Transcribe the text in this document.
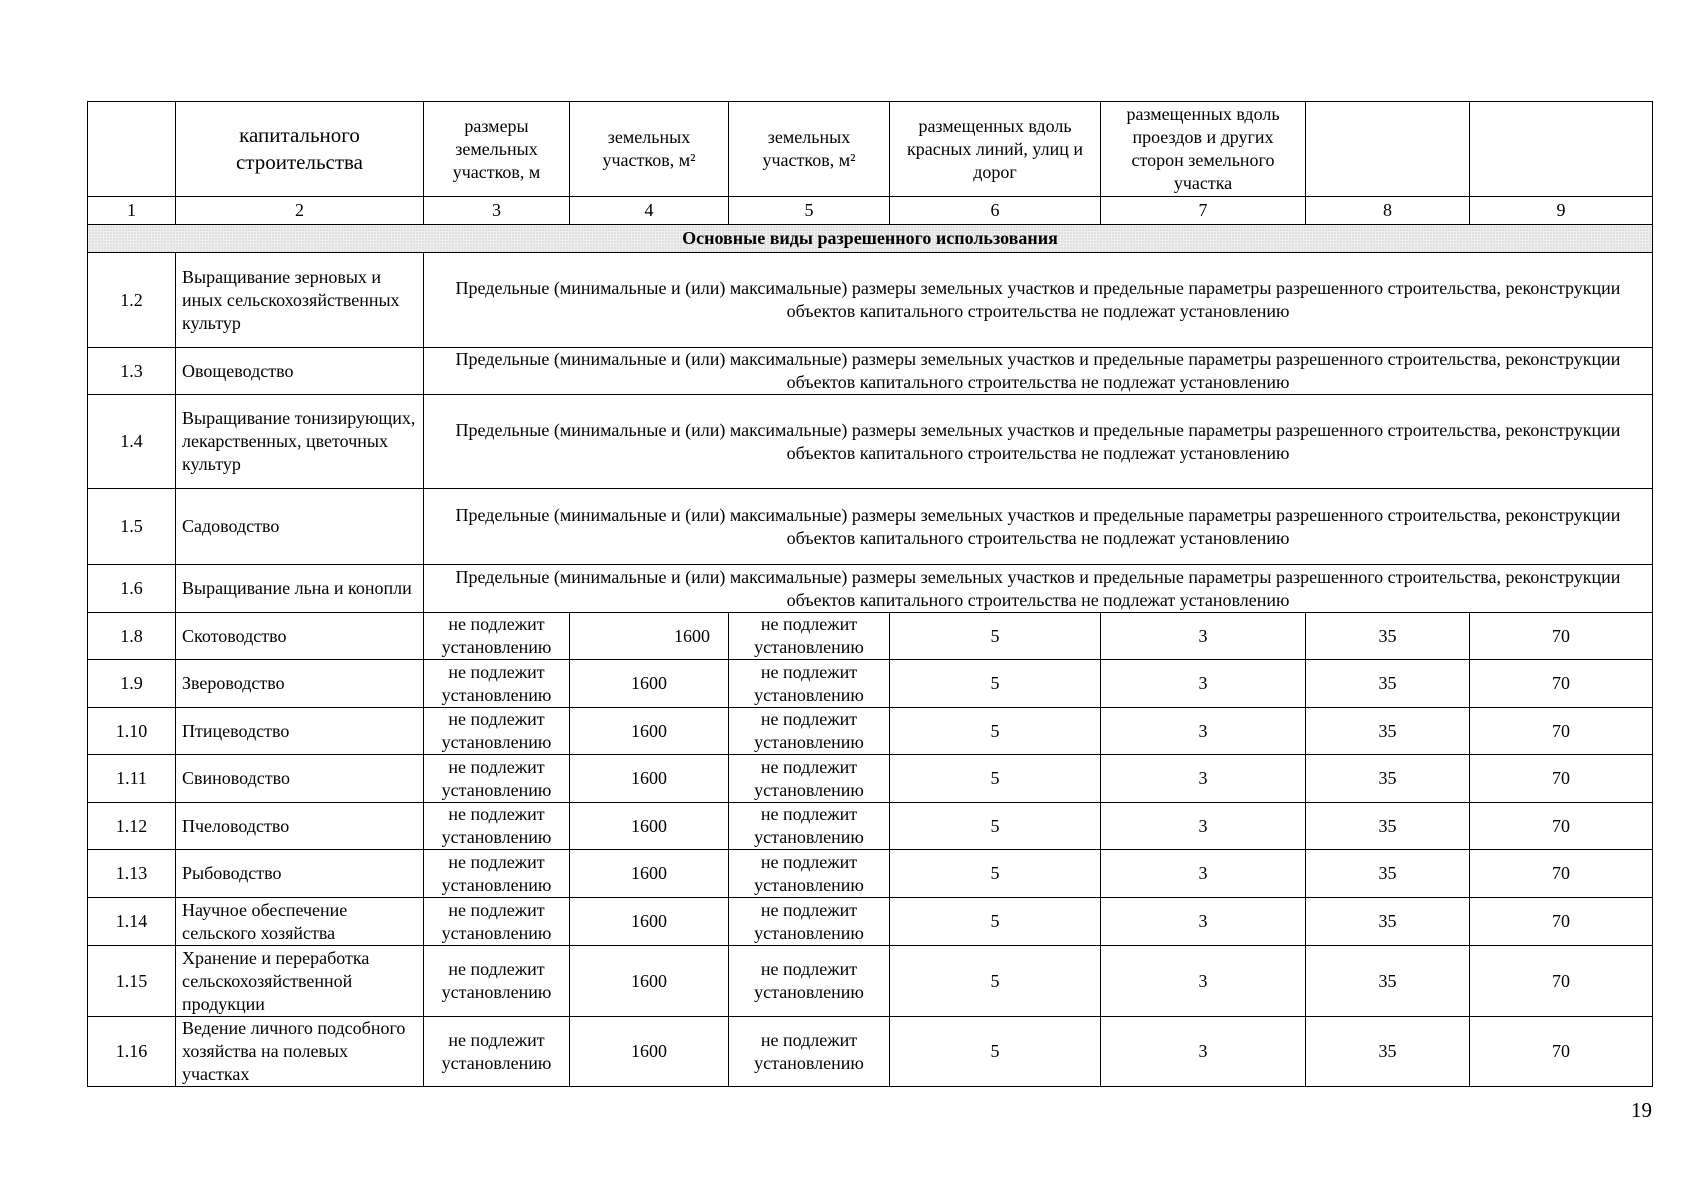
	капитального строительства	размеры земельных участков, м	земельных участков, м²	земельных участков, м²	размещенных вдоль красных линий, улиц и дорог	размещенных вдоль проездов и других сторон земельного участка		
1	2	3	4	5	6	7	8	9
Основные виды разрешенного использования								
1.2	Выращивание зерновых и иных сельскохозяйственных культур	Предельные (минимальные и (или) максимальные) размеры земельных участков и предельные параметры разрешенного строительства, реконструкции объектов капитального строительства не подлежат установлению						
1.3	Овощеводство	Предельные (минимальные и (или) максимальные) размеры земельных участков и предельные параметры разрешенного строительства, реконструкции объектов капитального строительства не подлежат установлению						
1.4	Выращивание тонизирующих, лекарственных, цветочных культур	Предельные (минимальные и (или) максимальные) размеры земельных участков и предельные параметры разрешенного строительства, реконструкции объектов капитального строительства не подлежат установлению						
1.5	Садоводство	Предельные (минимальные и (или) максимальные) размеры земельных участков и предельные параметры разрешенного строительства, реконструкции объектов капитального строительства не подлежат установлению						
1.6	Выращивание льна и конопли	Предельные (минимальные и (или) максимальные) размеры земельных участков и предельные параметры разрешенного строительства, реконструкции объектов капитального строительства не подлежат установлению						
1.8	Скотоводство	не подлежит установлению	1600	не подлежит установлению	5	3	35	70
1.9	Звероводство	не подлежит установлению	1600	не подлежит установлению	5	3	35	70
1.10	Птицеводство	не подлежит установлению	1600	не подлежит установлению	5	3	35	70
1.11	Свиноводство	не подлежит установлению	1600	не подлежит установлению	5	3	35	70
1.12	Пчеловодство	не подлежит установлению	1600	не подлежит установлению	5	3	35	70
1.13	Рыбоводство	не подлежит установлению	1600	не подлежит установлению	5	3	35	70
1.14	Научное обеспечение сельского хозяйства	не подлежит установлению	1600	не подлежит установлению	5	3	35	70
1.15	Хранение и переработка сельскохозяйственной продукции	не подлежит установлению	1600	не подлежит установлению	5	3	35	70
1.16	Ведение личного подсобного хозяйства на полевых участках	не подлежит установлению	1600	не подлежит установлению	5	3	35	70
19
